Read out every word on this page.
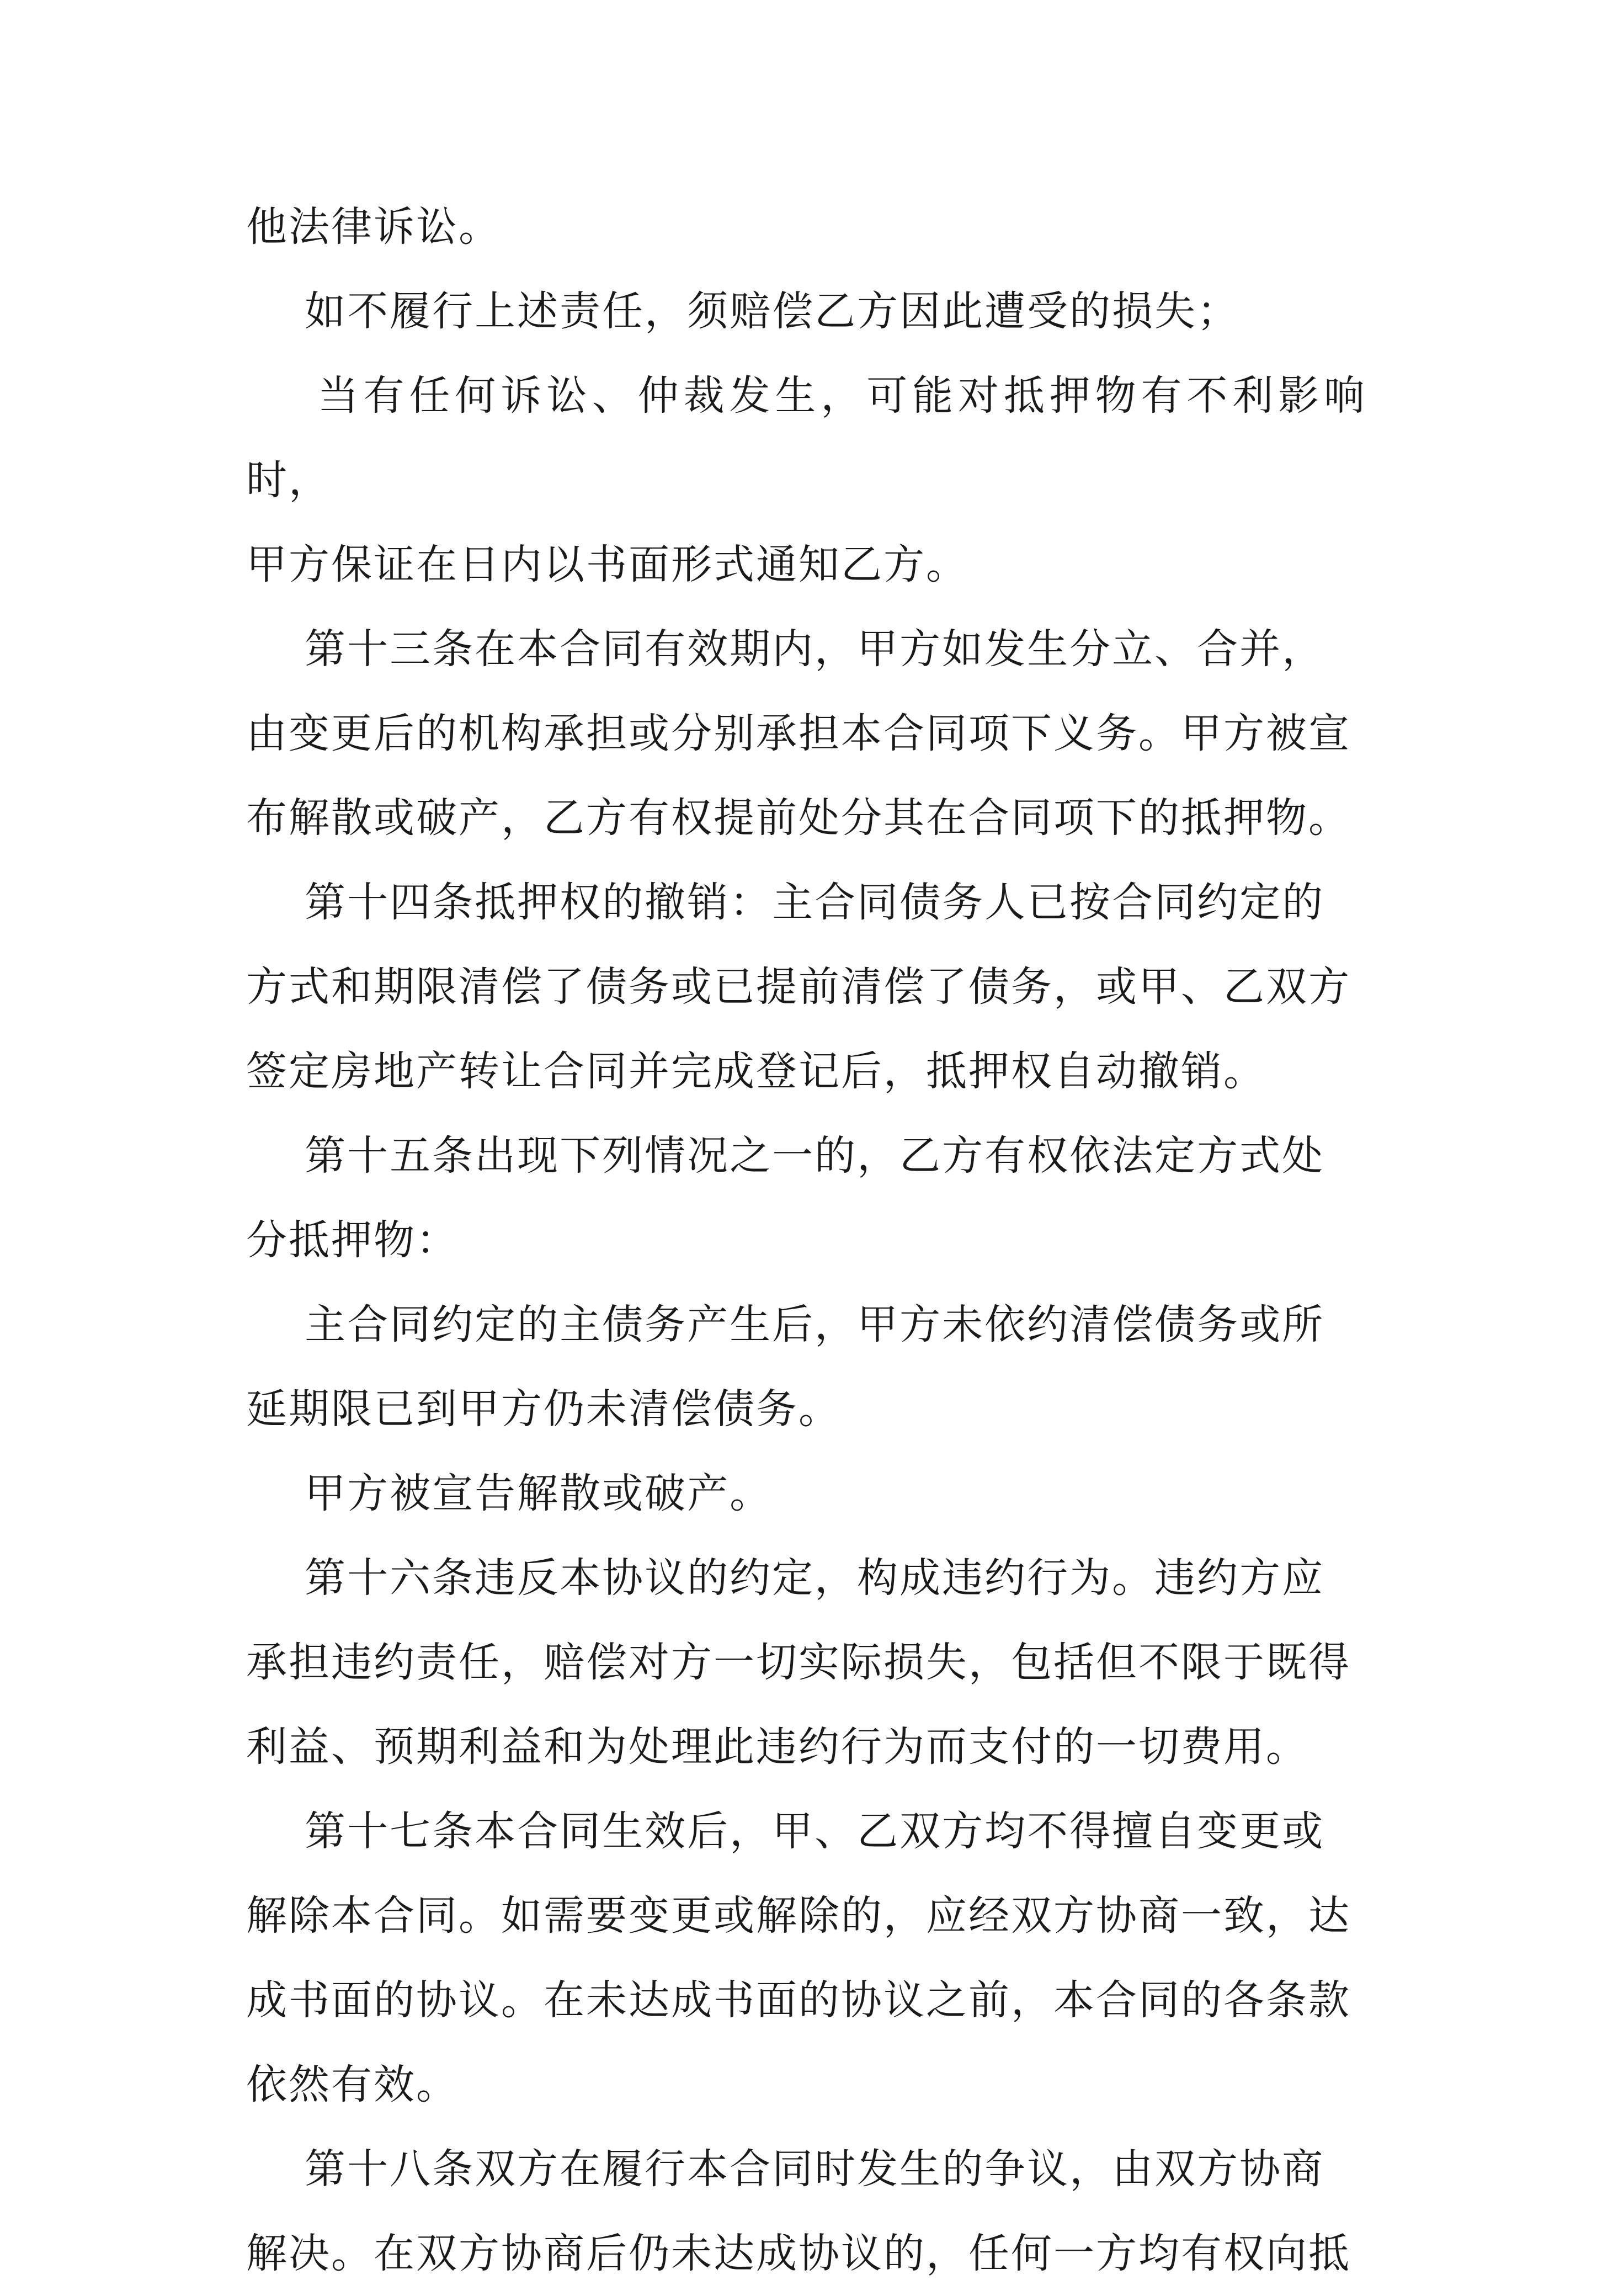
他法律诉讼。

如不履行上述责任，须赔偿乙方因此遭受的损失；

当有任何诉讼、仲裁发生，可能对抵押物有不利影响时，

甲方保证在日内以书面形式通知乙方。

第十三条在本合同有效期内，甲方如发生分立、合并，

由变更后的机构承担或分别承担本合同项下义务。甲方被宣

布解散或破产，乙方有权提前处分其在合同项下的抵押物。

第十四条抵押权的撤销：主合同债务人已按合同约定的

方式和期限清偿了债务或已提前清偿了债务，或甲、乙双方

签定房地产转让合同并完成登记后，抵押权自动撤销。

第十五条出现下列情况之一的，乙方有权依法定方式处

分抵押物：

主合同约定的主债务产生后，甲方未依约清偿债务或所

延期限已到甲方仍未清偿债务。

甲方被宣告解散或破产。

第十六条违反本协议的约定，构成违约行为。违约方应

承担违约责任，赔偿对方一切实际损失，包括但不限于既得

利益、预期利益和为处理此违约行为而支付的一切费用。

第十七条本合同生效后，甲、乙双方均不得擅自变更或

解除本合同。如需要变更或解除的，应经双方协商一致，达

成书面的协议。在未达成书面的协议之前，本合同的各条款

依然有效。

第十八条双方在履行本合同时发生的争议，由双方协商

解决。在双方协商后仍未达成协议的，任何一方均有权向抵
